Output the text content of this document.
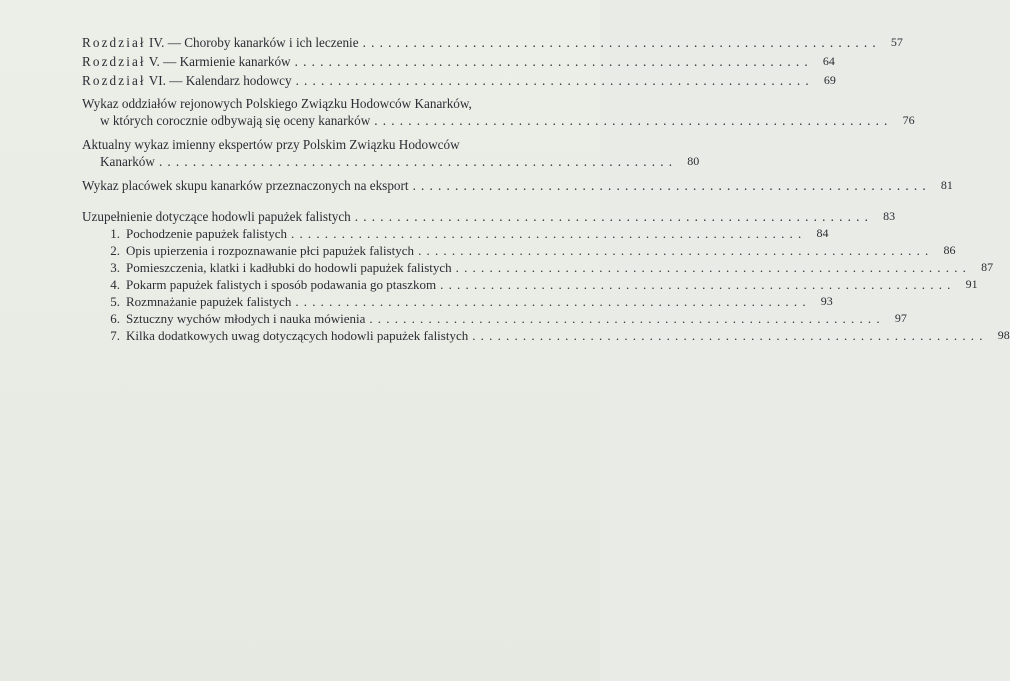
Rozdział IV. — Choroby kanarków i ich leczenie ............................................................. 57
Rozdział V. — Karmienie kanarków ............................................................. 64
Rozdział VI. — Kalendarz hodowcy ............................................................. 69
Wykaz oddziałów rejonowych Polskiego Związku Hodowców Kanarków,
w których corocznie odbywają się oceny kanarków ............................................................. 76
Aktualny wykaz imienny ekspertów przy Polskim Związku Hodowców
Kanarków ............................................................. 80
Wykaz placówek skupu kanarków przeznaczonych na eksport ............................................................. 81
Uzupełnienie dotyczące hodowli papużek falistych ............................................................. 83
1. Pochodzenie papużek falistych ............................................................. 84
2. Opis upierzenia i rozpoznawanie płci papużek falistych ............................................................. 86
3. Pomieszczenia, klatki i kadłubki do hodowli papużek falistych ............................................................. 87
4. Pokarm papużek falistych i sposób podawania go ptaszkom ............................................................. 91
5. Rozmnażanie papużek falistych ............................................................. 93
6. Sztuczny wychów młodych i nauka mówienia ............................................................. 97
7. Kilka dodatkowych uwag dotyczących hodowli papużek falistych ............................................................. 98
